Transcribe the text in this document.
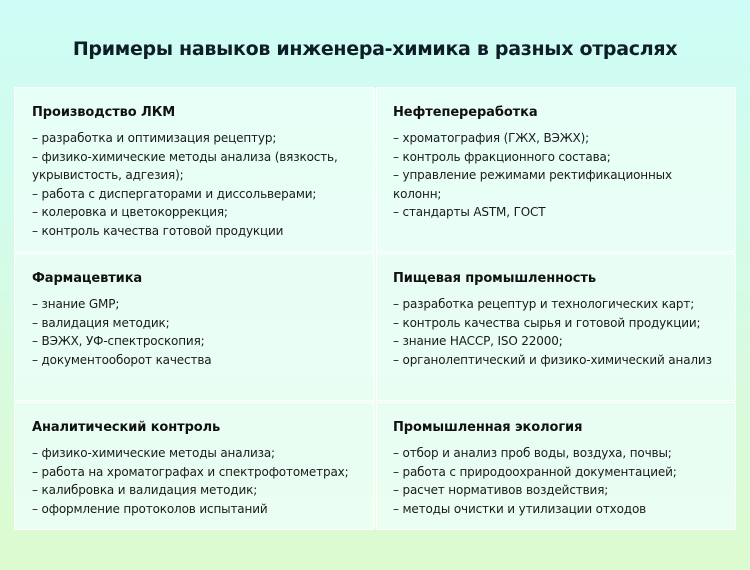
Примеры навыков инженера-химика в разных отраслях
Производство ЛКМ
– разработка и оптимизация рецептур;
– физико-химические методы анализа (вязкость, укрывистость, адгезия);
– работа с диспергаторами и диссольверами;
– колеровка и цветокоррекция;
– контроль качества готовой продукции
Нефтепереработка
– хроматография (ГЖХ, ВЭЖХ);
– контроль фракционного состава;
– управление режимами ректификационных колонн;
– стандарты ASTM, ГОСТ
Фармацевтика
– знание GMP;
– валидация методик;
– ВЭЖХ, УФ-спектроскопия;
– документооборот качества
Пищевая промышленность
– разработка рецептур и технологических карт;
– контроль качества сырья и готовой продукции;
– знание HACCP, ISO 22000;
– органолептический и физико-химический анализ
Аналитический контроль
– физико-химические методы анализа;
– работа на хроматографах и спектрофотометрах;
– калибровка и валидация методик;
– оформление протоколов испытаний
Промышленная экология
– отбор и анализ проб воды, воздуха, почвы;
– работа с природоохранной документацией;
– расчет нормативов воздействия;
– методы очистки и утилизации отходов
